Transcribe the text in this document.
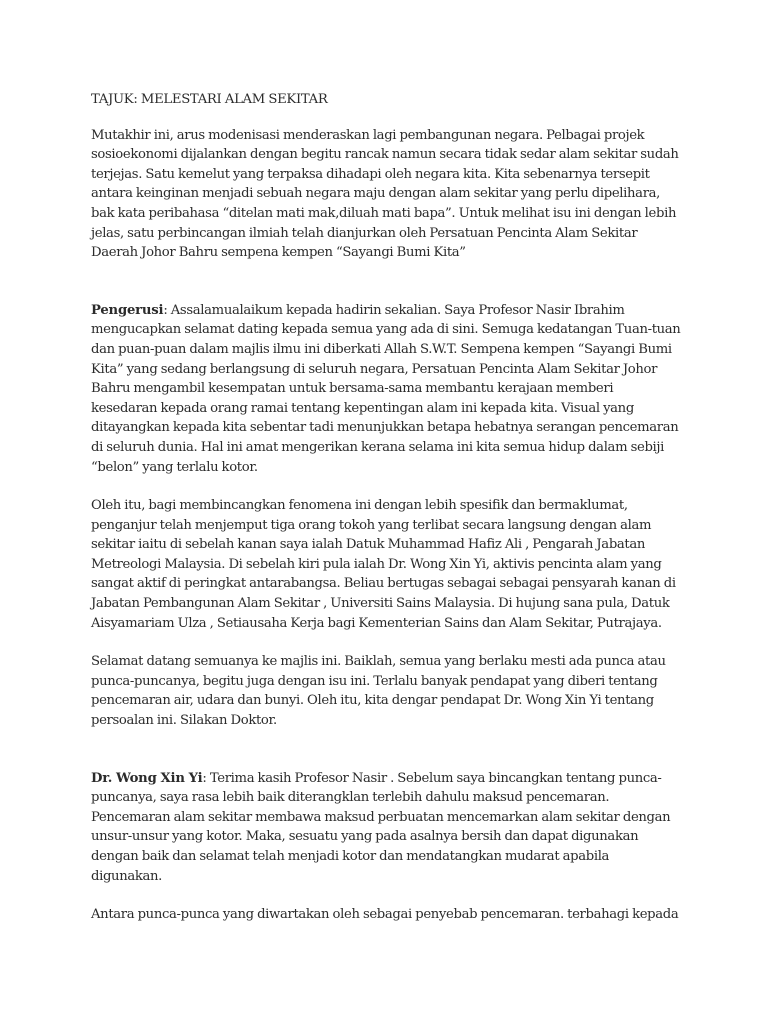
TAJUK: MELESTARI ALAM SEKITAR

Mutakhir ini, arus modenisasi menderaskan lagi pembangunan negara. Pelbagai projek sosioekonomi dijalankan dengan begitu rancak namun secara tidak sedar alam sekitar sudah terjejas. Satu kemelut yang terpaksa dihadapi oleh negara kita. Kita sebenarnya tersepit antara keinginan menjadi sebuah negara maju dengan alam sekitar yang perlu dipelihara, bak kata peribahasa “ditelan mati mak,diluah mati bapa”. Untuk melihat isu ini dengan lebih jelas, satu perbincangan ilmiah telah dianjurkan oleh Persatuan Pencinta Alam Sekitar Daerah Johor Bahru sempena kempen “Sayangi Bumi Kita”

Pengerusi: Assalamualaikum kepada hadirin sekalian. Saya Profesor Nasir Ibrahim mengucapkan selamat dating kepada semua yang ada di sini. Semuga kedatangan Tuan-tuan dan puan-puan dalam majlis ilmu ini diberkati Allah S.W.T. Sempena kempen “Sayangi Bumi Kita” yang sedang berlangsung di seluruh negara, Persatuan Pencinta Alam Sekitar Johor Bahru mengambil kesempatan untuk bersama-sama membantu kerajaan memberi kesedaran kepada orang ramai tentang kepentingan alam ini kepada kita. Visual yang ditayangkan kepada kita sebentar tadi menunjukkan betapa hebatnya serangan pencemaran di seluruh dunia. Hal ini amat mengerikan kerana selama ini kita semua hidup dalam sebiji “belon” yang terlalu kotor.

Oleh itu, bagi membincangkan fenomena ini dengan lebih spesifik dan bermaklumat, penganjur telah menjemput tiga orang tokoh yang terlibat secara langsung dengan alam sekitar iaitu di sebelah kanan saya ialah Datuk Muhammad Hafiz Ali , Pengarah Jabatan Metreologi Malaysia. Di sebelah kiri pula ialah Dr. Wong Xin Yi, aktivis pencinta alam yang sangat aktif di peringkat antarabangsa. Beliau bertugas sebagai sebagai pensyarah kanan di Jabatan Pembangunan Alam Sekitar , Universiti Sains Malaysia. Di hujung sana pula, Datuk Aisyamariam Ulza , Setiausaha Kerja bagi Kementerian Sains dan Alam Sekitar, Putrajaya.

Selamat datang semuanya ke majlis ini. Baiklah, semua yang berlaku mesti ada punca atau punca-puncanya, begitu juga dengan isu ini. Terlalu banyak pendapat yang diberi tentang pencemaran air, udara dan bunyi. Oleh itu, kita dengar pendapat Dr. Wong Xin Yi tentang persoalan ini. Silakan Doktor.

Dr. Wong Xin Yi: Terima kasih Profesor Nasir . Sebelum saya bincangkan tentang punca-puncanya, saya rasa lebih baik diterangklan terlebih dahulu maksud pencemaran. Pencemaran alam sekitar membawa maksud perbuatan mencemarkan alam sekitar dengan unsur-unsur yang kotor. Maka, sesuatu yang pada asalnya bersih dan dapat digunakan dengan baik dan selamat telah menjadi kotor dan mendatangkan mudarat apabila digunakan.

Antara punca-punca yang diwartakan oleh sebagai penyebab pencemaran. terbahagi kepada
